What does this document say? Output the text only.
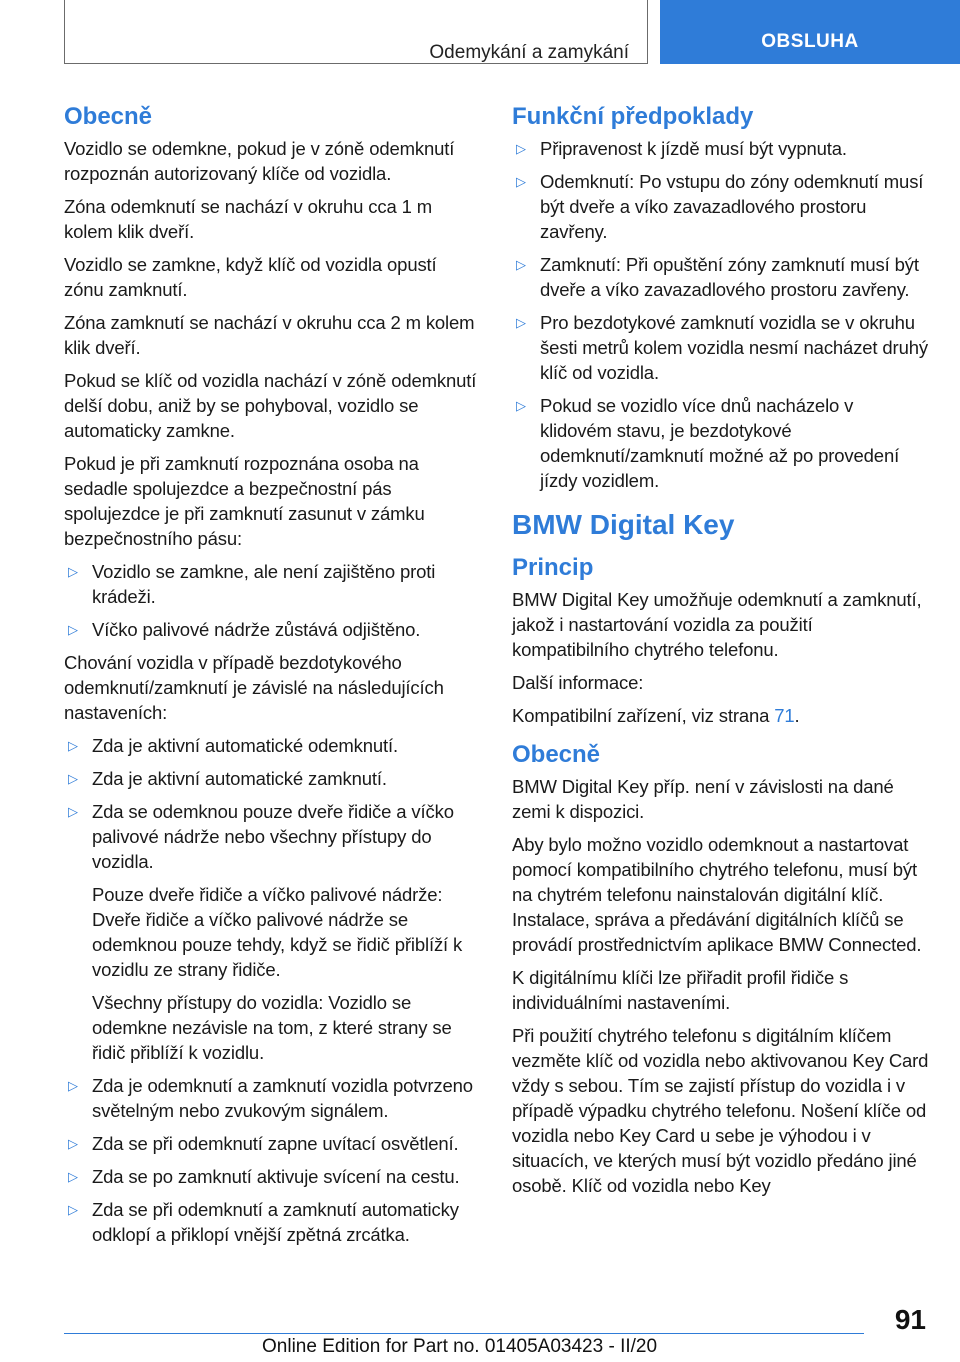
Odemykání a zamykání
OBSLUHA
Obecně

Vozidlo se odemkne, pokud je v zóně odemknutí rozpoznán autorizovaný klíče od vozidla.

Zóna odemknutí se nachází v okruhu cca 1 m kolem klik dveří.

Vozidlo se zamkne, když klíč od vozidla opustí zónu zamknutí.

Zóna zamknutí se nachází v okruhu cca 2 m kolem klik dveří.

Pokud se klíč od vozidla nachází v zóně odemknutí delší dobu, aniž by se pohyboval, vozidlo se automaticky zamkne.

Pokud je při zamknutí rozpoznána osoba na sedadle spolujezdce a bezpečnostní pás spolujezdce je při zamknutí zasunut v zámku bezpečnostního pásu:

▷ Vozidlo se zamkne, ale není zajištěno proti krádeži.
▷ Víčko palivové nádrže zůstává odjištěno.

Chování vozidla v případě bezdotykového odemknutí/zamknutí je závislé na následujících nastaveních:

▷ Zda je aktivní automatické odemknutí.
▷ Zda je aktivní automatické zamknutí.
▷ Zda se odemknou pouze dveře řidiče a víčko palivové nádrže nebo všechny přístupy do vozidla.
Pouze dveře řidiče a víčko palivové nádrže: Dveře řidiče a víčko palivové nádrže se odemknou pouze tehdy, když se řidič přiblíží k vozidlu ze strany řidiče.
Všechny přístupy do vozidla: Vozidlo se odemkne nezávisle na tom, z které strany se řidič přiblíží k vozidlu.
▷ Zda je odemknutí a zamknutí vozidla potvrzeno světelným nebo zvukovým signálem.
▷ Zda se při odemknutí zapne uvítací osvětlení.
▷ Zda se po zamknutí aktivuje svícení na cestu.
▷ Zda se při odemknutí a zamknutí automaticky odklopí a přiklopí vnější zpětná zrcátka.
Funkční předpoklady
▷ Připravenost k jízdě musí být vypnuta.
▷ Odemknutí: Po vstupu do zóny odemknutí musí být dveře a víko zavazadlového prostoru zavřeny.
▷ Zamknutí: Při opuštění zóny zamknutí musí být dveře a víko zavazadlového prostoru zavřeny.
▷ Pro bezdotykové zamknutí vozidla se v okruhu šesti metrů kolem vozidla nesmí nacházet druhý klíč od vozidla.
▷ Pokud se vozidlo více dnů nacházelo v klidovém stavu, je bezdotykové odemknutí/zamknutí možné až po provedení jízdy vozidlem.
BMW Digital Key
Princip

BMW Digital Key umožňuje odemknutí a zamknutí, jakož i nastartování vozidla za použití kompatibilního chytrého telefonu.

Další informace:

Kompatibilní zařízení, viz strana 71.

Obecně

BMW Digital Key příp. není v závislosti na dané zemi k dispozici.

Aby bylo možno vozidlo odemknout a nastartovat pomocí kompatibilního chytrého telefonu, musí být na chytrém telefonu nainstalován digitální klíč. Instalace, správa a předávání digitálních klíčů se provádí prostřednictvím aplikace BMW Connected.

K digitálnímu klíči lze přiřadit profil řidiče s individuálními nastaveními.

Při použití chytrého telefonu s digitálním klíčem vezměte klíč od vozidla nebo aktivovanou Key Card vždy s sebou. Tím se zajistí přístup do vozidla i v případě výpadku chytrého telefonu. Nošení klíče od vozidla nebo Key Card u sebe je výhodou i v situacích, ve kterých musí být vozidlo předáno jiné osobě. Klíč od vozidla nebo Key

91
Online Edition for Part no. 01405A03423 - II/20
